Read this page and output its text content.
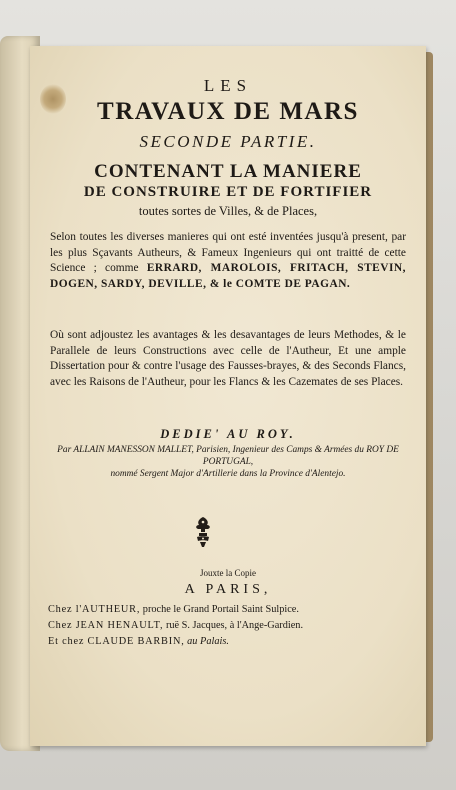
LES
TRAVAUX DE MARS
SECONDE PARTIE.
CONTENANT LA MANIERE
DE CONSTRUIRE ET DE FORTIFIER
toutes sortes de Villes, & de Places,
Selon toutes les diverses manieres qui ont esté inventées jusqu'à present, par les plus Sçavants Autheurs, & Fameux Ingenieurs qui ont traitté de cette Science ; comme ERRARD, MAROLOIS, FRITACH, STEVIN, DOGEN, SARDY, DEVILLE, & le COMTE DE PAGAN.
Où sont adjoustez les avantages & les desavantages de leurs Methodes, & le Parallele de leurs Constructions avec celle de l'Autheur, Et une ample Dissertation pour & contre l'usage des Fausses-brayes, & des Seconds Flancs, avec les Raisons de l'Autheur, pour les Flancs & les Cazemates de ses Places.
DEDIE' AU ROY.
Par ALLAIN MANESSON MALLET, Parisien, Ingenieur des Camps & Armées du ROY DE PORTUGAL,
nommé Sergent Major d'Artillerie dans la Province d'Alentejo.
Jouxte la Copie
A PARIS,
Chez l'AUTHEUR, proche le Grand Portail Saint Sulpice.
Chez JEAN HENAULT, ruë S. Jacques, à l'Ange-Gardien.
Et chez CLAUDE BARBIN, au Palais.
